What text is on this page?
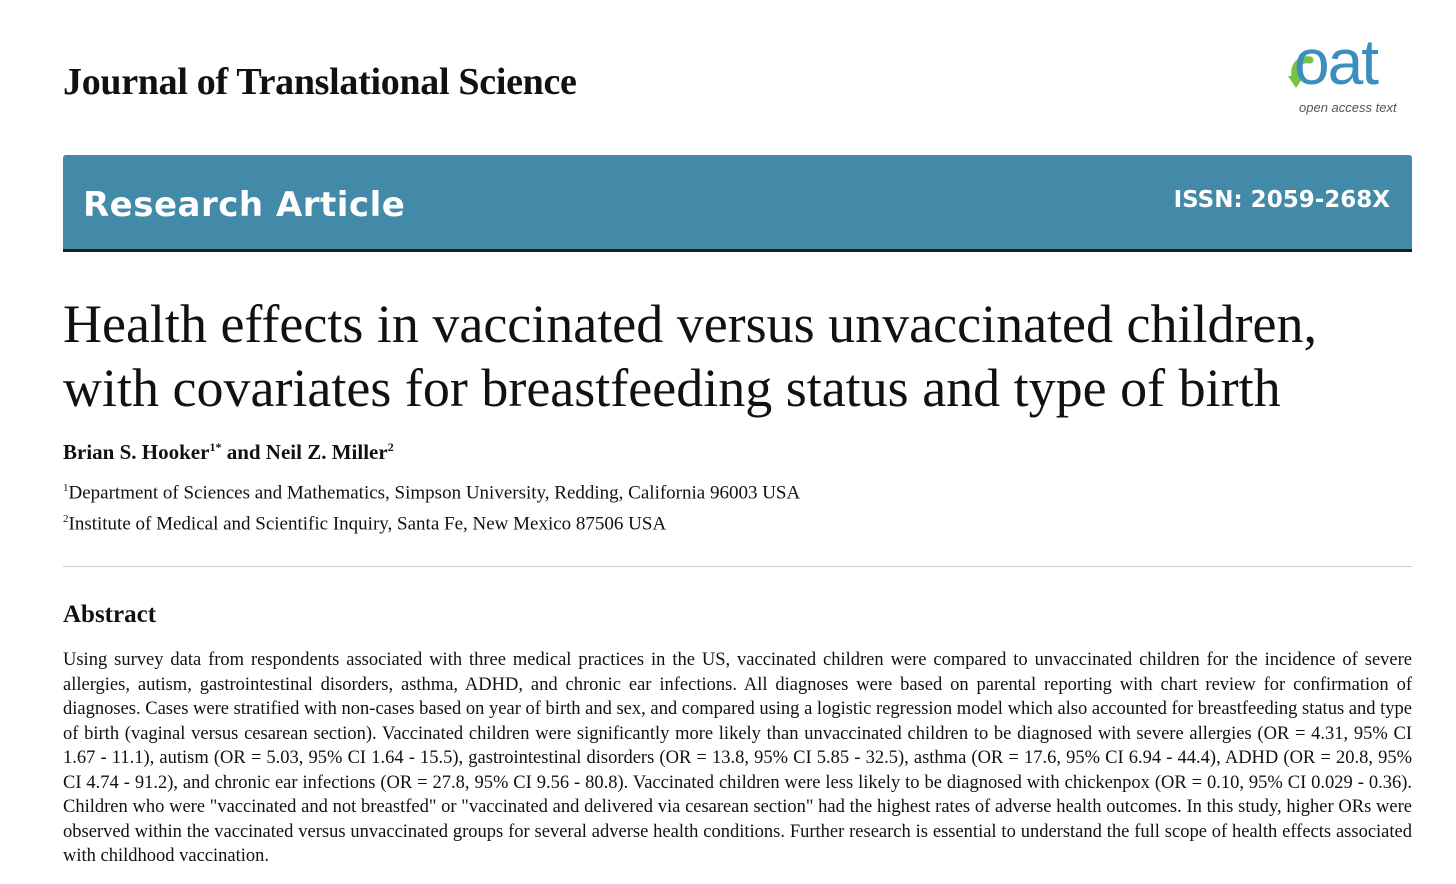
Journal of Translational Science	oat
open access text
Research Article	ISSN: 2059-268X
Health effects in vaccinated versus unvaccinated children, with covariates for breastfeeding status and type of birth
Brian S. Hooker$^{1*}$ and Neil Z. Miller$^2$
$^1$Department of Sciences and Mathematics, Simpson University, Redding, California 96003 USA
$^2$Institute of Medical and Scientific Inquiry, Santa Fe, New Mexico 87506 USA
Abstract

Using survey data from respondents associated with three medical practices in the US, vaccinated children were compared to unvaccinated children for the incidence of severe allergies, autism, gastrointestinal disorders, asthma, ADHD, and chronic ear infections. All diagnoses were based on parental reporting with chart review for confirmation of diagnoses. Cases were stratified with non-cases based on year of birth and sex, and compared using a logistic regression model which also accounted for breastfeeding status and type of birth (vaginal versus cesarean section). Vaccinated children were significantly more likely than unvaccinated children to be diagnosed with severe allergies (OR = 4.31, 95% CI 1.67 - 11.1), autism (OR = 5.03, 95% CI 1.64 - 15.5), gastrointestinal disorders (OR = 13.8, 95% CI 5.85 - 32.5), asthma (OR = 17.6, 95% CI 6.94 - 44.4), ADHD (OR = 20.8, 95% CI 4.74 - 91.2), and chronic ear infections (OR = 27.8, 95% CI 9.56 - 80.8). Vaccinated children were less likely to be diagnosed with chickenpox (OR = 0.10, 95% CI 0.029 - 0.36). Children who were "vaccinated and not breastfed" or "vaccinated and delivered via cesarean section" had the highest rates of adverse health outcomes. In this study, higher ORs were observed within the vaccinated versus unvaccinated groups for several adverse health conditions. Further research is essential to understand the full scope of health effects associated with childhood vaccination.
